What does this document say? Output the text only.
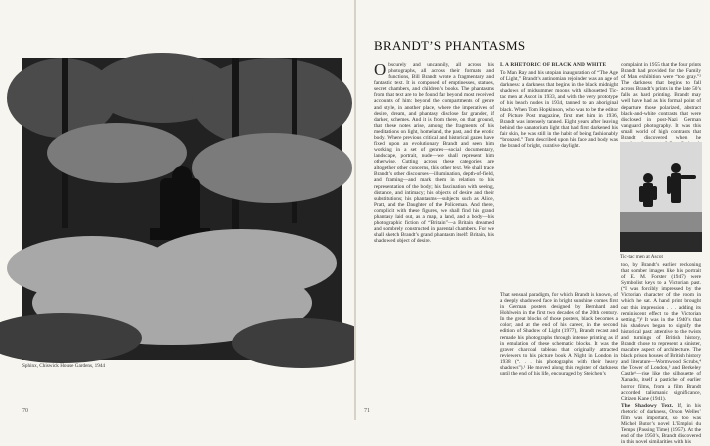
Sphinx, Chiswick House Gardens, 1944
70
BRANDT’S PHANTASMS
O bscurely and uncannily, all across his photographs, all across their formats and functions, Bill Brandt wrote a fragmentary and fantastic text. It is composed of emptinesses, statues, secret chambers, and children’s books. The phantasms from that text are to be found far beyond most received accounts of him: beyond the compartments of genre and style, in another place, where the imperatives of desire, dream, and phantasy disclose far grander, if darker, schemes. And it is from there, on that ground, that these notes arise, among the fragments of his meditations on light, homeland, the past, and the erotic body. Where previous critical and historical gazes have fixed upon an evolutionary Brandt and seen him working in a set of genres—social documentary, landscape, portrait, nude—we shall represent him otherwise. Cutting across these categories are altogether other concerns, this other text. We shall trace Brandt’s other discourses—illumination, depth-of-field, and framing—and mark them in relation to his representation of the body; his fascination with seeing, distance, and intimacy; his objects of desire and their substitutions; his phantasms—subjects such as Alice, Pratt, and the Daughter of the Policeman. And there, complicit with these figures, we shall find his grand phantasy laid out, as a map, a land, and a body—his photographic fiction of “Britain”—a Britain dreamed and sombrely constructed in parental chambers. For we shall sketch Brandt’s grand phantasm itself: Britain, his shadowed object of desire.
I. A RHETORIC OF BLACK AND WHITE
To Man Ray and his utopian inauguration of “The Age of Light,” Brandt’s antinomian rejoinder was an age of darkness: a darkness that begins in the black midnight shadows of midsummer moons with silhouetted Tic-tac men at Ascot in 1933, and with the very prototype of his beach nudes in 1934, tanned to an aboriginal black. When Tom Hopkinson, who was to be the editor of Picture Post magazine, first met him in 1936, Brandt was intensely tanned. Eight years after leaving behind the sanatorium light that had first darkened his fair skin, he was still in the habit of being fashionably “bronzed.” Tom described upon his face and body was the brand of bright, curative daylight.
That sensual paradigm, for which Brandt is known, of a deeply shadowed face in bright sunshine comes first in German posters designed by Bernhard and Hohlwein in the first two decades of the 20th century. In the great blocks of those posters, black becomes a color; and at the end of his career, in the second edition of Shadow of Light (1977), Brandt recast and remade his photographs through intense printing as if in emulation of these schematic blocks. It was the graver charcoal tableau that originally attracted reviewers to his picture book A Night in London in 1938 (“. . . his photographs with their heavy shadows”).¹ He moved along this register of darkness until the end of his life, encouraged by Steichen’s
complaint in 1955 that the four prints Brandt had provided for the Family of Man exhibition were “too gray.”² The darkness that begins to fall across Brandt’s prints in the late 50’s falls as hard printing. Brandt may well have had as his formal point of departure those polarized, abstract black-and-white contrasts that were disclosed in post-Nazi German vanguard photography. It was this small world of high contrasts that Brandt discovered when he
Tic-tac men at Ascot
too, by Brandt’s earlier reckoning that somber images like his portrait of E. M. Forster (1947) were Symbolist keys to a Victorian past. (“I was forcibly impressed by the Victorian character of the room in which he sat. A hand print brought out this impression . . . adding its reminiscent effect to the Victorian setting.”)³ It was in the 1940’s that his shadows began to signify the historical past: attentive to the twists and turnings of British history, Brandt chose to represent a sinister, macabre aspect of architecture. The black prison houses of British history and literature—Wormwood Scrubs,⁴ the Tower of London,⁵ and Berkeley Castle⁶—rise like the silhouette of Xanadu, itself a pastiche of earlier horror films, from a film Brandt accorded talismanic significance, Citizen Kane (1941).
The Shadowy Text. If, in his rhetoric of darkness, Orson Welles’ film was important, so too was Michel Butor’s novel L’Emploi du Temps (Passing Time) (1957). At the end of the 1950’s, Brandt discovered in this novel similarities with his
71
